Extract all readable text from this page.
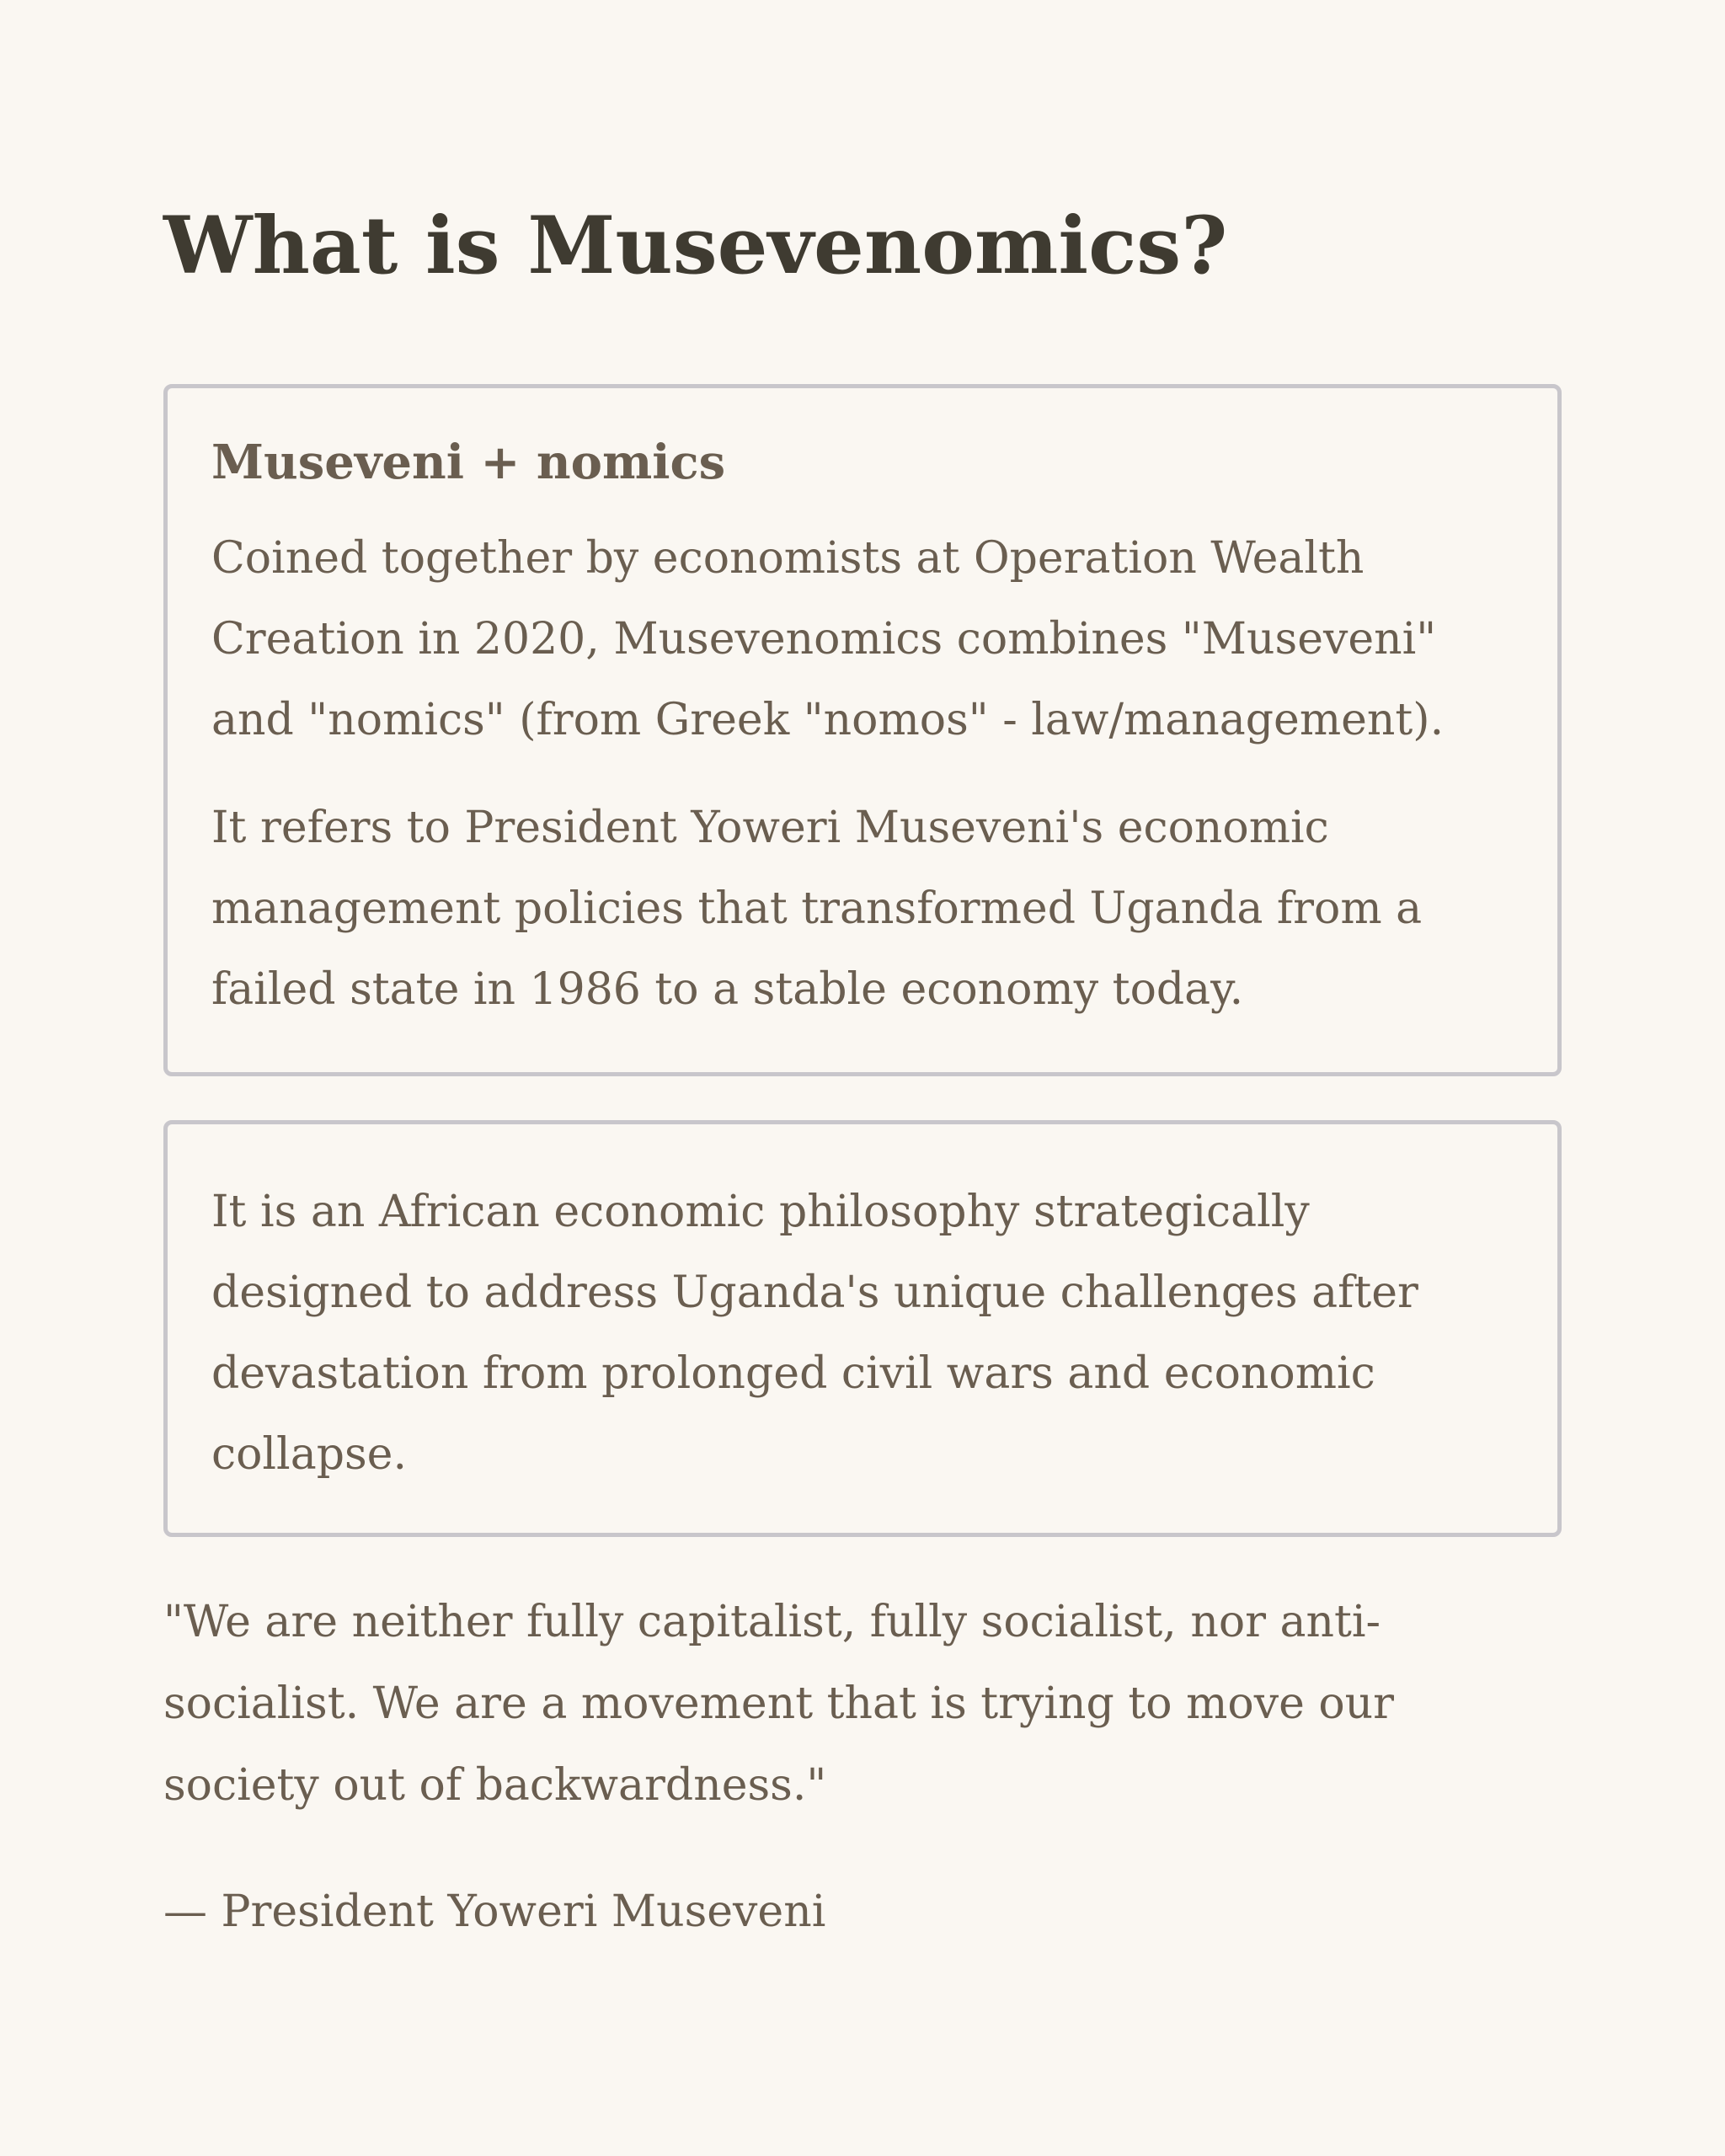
What is Musevenomics?
Museveni + nomics

Coined together by economists at Operation Wealth
Creation in 2020, Musevenomics combines "Museveni"
and "nomics" (from Greek "nomos" - law/management).

It refers to President Yoweri Museveni's economic
management policies that transformed Uganda from a
failed state in 1986 to a stable economy today.

It is an African economic philosophy strategically
designed to address Uganda's unique challenges after
devastation from prolonged civil wars and economic
collapse.

"We are neither fully capitalist, fully socialist, nor anti-
socialist. We are a movement that is trying to move our
society out of backwardness."

— President Yoweri Museveni
